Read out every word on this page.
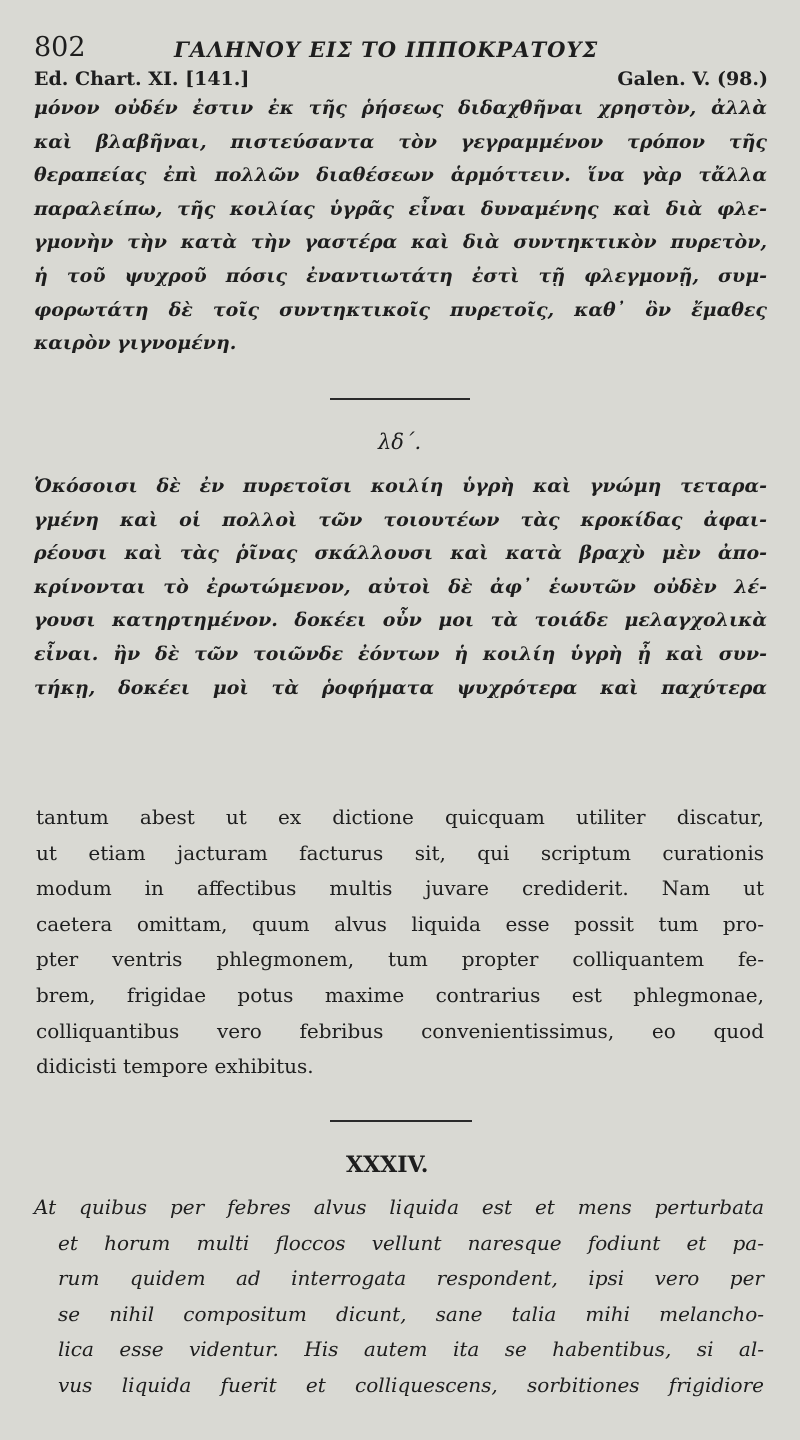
802	ΓΑΛΗΝΟΥ ΕΙΣ ΤΟ ΙΠΠΟΚΡΑΤΟΥΣ
Ed. Chart. XI. [141.]	Galen. V. (98.)
μόνον οὐδέν ἐστιν ἐκ τῆς ῥήσεως διδαχθῆναι χρηστὸν, ἀλλὰ
καὶ βλαβῆναι, πιστεύσαντα τὸν γεγραμμένον τρόπον τῆς
θεραπείας ἐπὶ πολλῶν διαθέσεων ἁρμόττειν. ἵνα γὰρ τἄλλα
παραλείπω, τῆς κοιλίας ὑγρᾶς εἶναι δυναμένης καὶ διὰ φλε-
γμονὴν τὴν κατὰ τὴν γαστέρα καὶ διὰ συντηκτικὸν πυρετὸν,
ἡ τοῦ ψυχροῦ πόσις ἐναντιωτάτη ἐστὶ τῇ φλεγμονῇ, συμ-
φορωτάτη δὲ τοῖς συντηκτικοῖς πυρετοῖς, καθ᾽ ὃν ἔμαθες
καιρὸν γιγνομένη.
λδ΄.
Ὁκόσοισι δὲ ἐν πυρετοῖσι κοιλίη ὑγρὴ καὶ γνώμη τεταρα-
γμένη καὶ οἱ πολλοὶ τῶν τοιουτέων τὰς κροκίδας ἀφαι-
ρέουσι καὶ τὰς ῥῖνας σκάλλουσι καὶ κατὰ βραχὺ μὲν ἀπο-
κρίνονται τὸ ἐρωτώμενον, αὐτοὶ δὲ ἀφ᾽ ἑωυτῶν οὐδὲν λέ-
γουσι κατηρτημένον. δοκέει οὖν μοι τὰ τοιάδε μελαγχολικὰ
εἶναι. ἢν δὲ τῶν τοιῶνδε ἐόντων ἡ κοιλίη ὑγρὴ ᾖ καὶ συν-
τήκῃ, δοκέει μοὶ τὰ ῥοφήματα ψυχρότερα καὶ παχύτερα
tantum abest ut ex dictione quicquam utiliter discatur,
ut etiam jacturam facturus sit, qui scriptum curationis
modum in affectibus multis juvare crediderit. Nam ut
caetera omittam, quum alvus liquida esse possit tum pro-
pter ventris phlegmonem, tum propter colliquantem fe-
brem, frigidae potus maxime contrarius est phlegmonae,
colliquantibus vero febribus convenientissimus, eo quod
didicisti tempore exhibitus.
XXXIV.
At quibus per febres alvus liquida est et mens perturbata
et horum multi floccos vellunt naresque fodiunt et pa-
rum quidem ad interrogata respondent, ipsi vero per
se nihil compositum dicunt, sane talia mihi melancho-
lica esse videntur. His autem ita se habentibus, si al-
vus liquida fuerit et colliquescens, sorbitiones frigidiore
